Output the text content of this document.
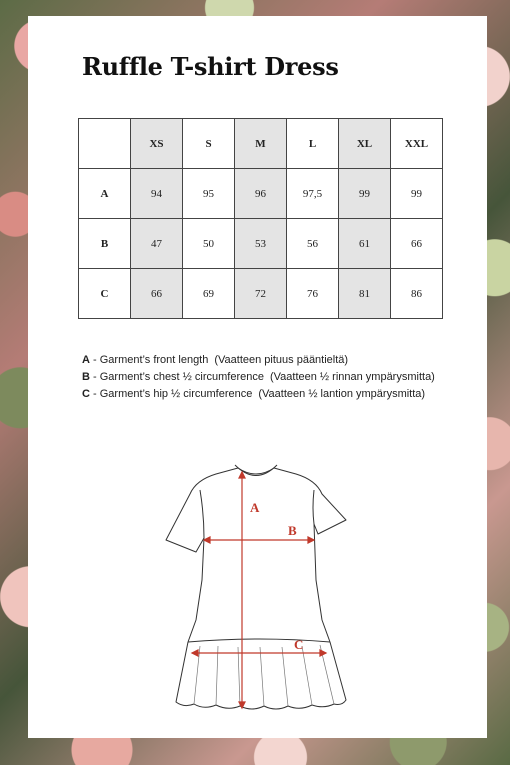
Ruffle T-shirt Dress
	XS	S	M	L	XL	XXL
A	94	95	96	97,5	99	99
B	47	50	53	56	61	66
C	66	69	72	76	81	86
A - Garment’s front length (Vaatteen pituus pääntieltä)
B - Garment’s chest ½ circumference (Vaatteen ½ rinnan ympärysmitta)
C - Garment’s hip ½ circumference (Vaatteen ½ lantion ympärysmitta)
A
B
C
